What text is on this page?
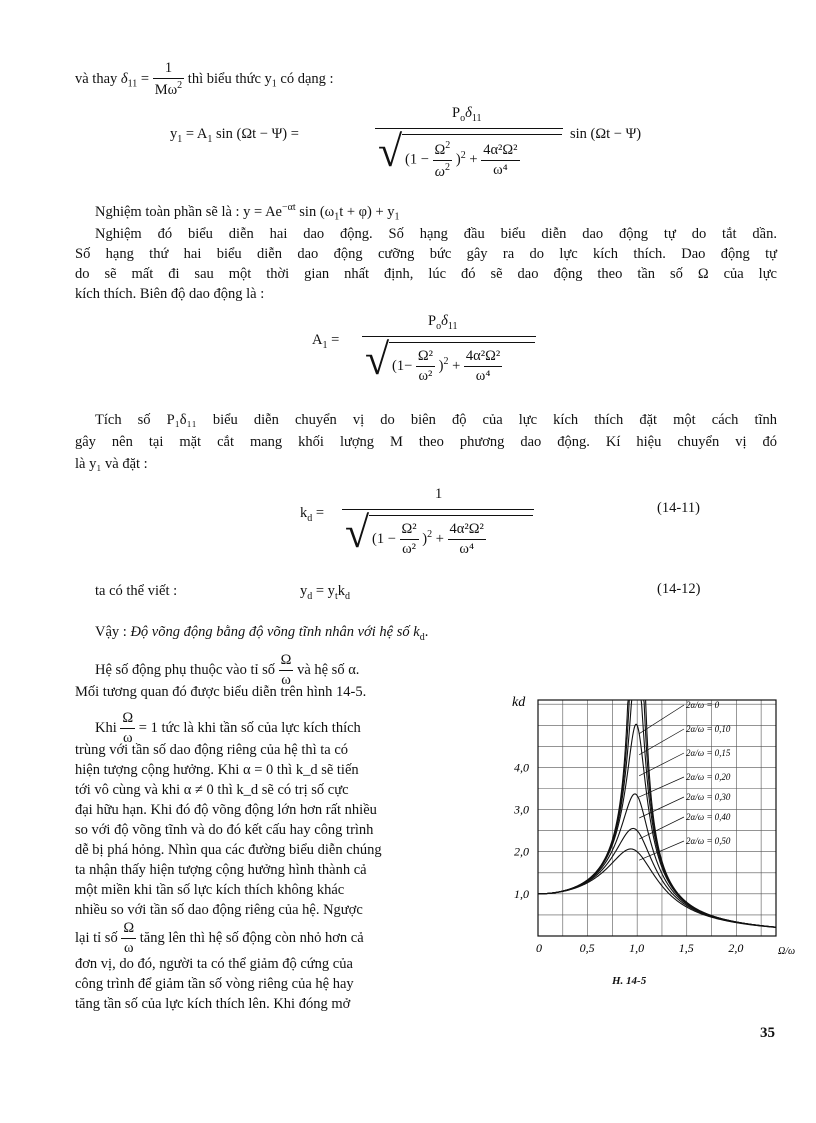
và thay $\delta_{11} = \frac{1}{M\omega^2}$ thì biểu thức $y_1$ có dạng :
$y_1 = A_1$ sin (Ωt − Ψ) =
$P_o\delta_{11}$
√ $(1 - \frac{\Omega^2}{\omega^2} )^2 + \frac{\text{4α²Ω²}}{\text{ω⁴}}$
sin (Ωt − Ψ)
Nghiệm toàn phần sẽ là : $y = Ae^{-\alpha t}$ $\sin (\omega_1t + \varphi) + y_1$
Nghiệm đó biểu diễn hai dao động. Số hạng đầu biểu diễn dao động tự do tắt dần.
Số hạng thứ hai biểu diễn dao động cưỡng bức gây ra do lực kích thích. Dao động tự
do sẽ mất đi sau một thời gian nhất định, lúc đó sẽ dao động theo tần số Ω của lực
kích thích. Biên độ dao động là :
$A_1$ =
$P_o\delta_{11}$
√ $(1- \frac{\text{Ω²}}{\text{ω²}} )^2 + \frac{\text{4α²Ω²}}{\text{ω⁴}}$
Tích số P₁δ₁₁ biểu diễn chuyển vị do biên độ của lực kích thích đặt một cách tĩnh
gây nên tại mặt cắt mang khối lượng M theo phương dao động. Kí hiệu chuyển vị đó
là y₁ và đặt :
$k_d$ =
1
√ $(1 - \frac{\text{Ω²}}{\text{ω²}} )^2 + \frac{\text{4α²Ω²}}{\text{ω⁴}}$
(14-11)
ta có thể viết :	$y_d = y_tk_d$	(14-12)
Vậy : Độ võng động bằng độ võng tĩnh nhân với hệ số $k_d$.
Hệ số động phụ thuộc vào tỉ số $\frac{\Omega}{\omega}$ và hệ số α.
Mối tương quan đó được biểu diễn trên hình 14-5.
Khi $\frac{\Omega}{\omega} = 1$ tức là khi tần số của lực kích thích
trùng với tần số dao động riêng của hệ thì ta có
hiện tượng cộng hưởng. Khi α = 0 thì k_d sẽ tiến
tới vô cùng và khi α ≠ 0 thì k_d sẽ có trị số cực
đại hữu hạn. Khi đó độ võng động lớn hơn rất nhiều
so với độ võng tĩnh và do đó kết cấu hay công trình
dễ bị phá hỏng. Nhìn qua các đường biểu diễn chúng
ta nhận thấy hiện tượng cộng hưởng hình thành cả
một miền khi tần số lực kích thích không khác
nhiều so với tần số dao động riêng của hệ. Ngược
lại tỉ số $\frac{\Omega}{\omega}$ tăng lên thì hệ số động còn nhỏ hơn cả
đơn vị, do đó, người ta có thể giảm độ cứng của
công trình để giảm tần số vòng riêng của hệ hay
tăng tần số của lực kích thích lên. Khi đóng mở
kd
Ω/ω
0	0,5	1,0	1,5	2,0
1,0
2,0
3,0
4,0
2α/ω = 0
2α/ω = 0,10
2α/ω = 0,15
2α/ω = 0,20
2α/ω = 0,30
2α/ω = 0,40
2α/ω = 0,50
H. 14-5
35
